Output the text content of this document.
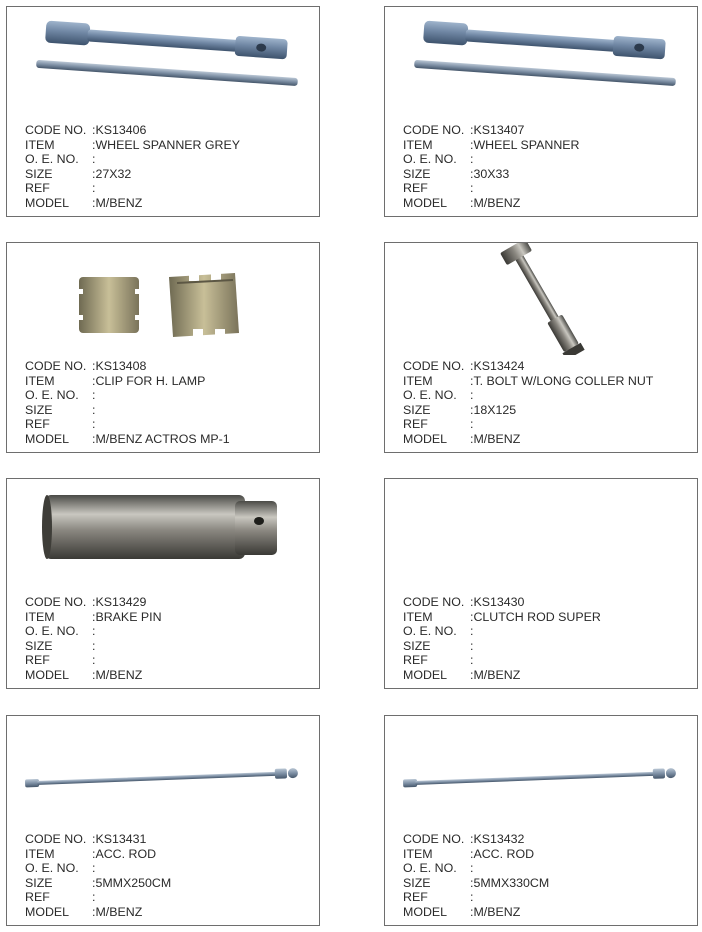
CODE NO. : KS13406
ITEM	: WHEEL SPANNER GREY
O. E. NO.	:
SIZE	: 27X32
REF	:
MODEL	: M/BENZ
CODE NO. : KS13407
ITEM	: WHEEL SPANNER
O. E. NO.	:
SIZE	: 30X33
REF	:
MODEL	: M/BENZ
CODE NO. : KS13408
ITEM	: CLIP FOR H. LAMP
O. E. NO.	:
SIZE	:
REF	:
MODEL	: M/BENZ ACTROS MP-1
CODE NO. : KS13424
ITEM	: T. BOLT W/LONG COLLER NUT
O. E. NO.	:
SIZE	: 18X125
REF	:
MODEL	: M/BENZ
CODE NO. : KS13429
ITEM	: BRAKE PIN
O. E. NO.	:
SIZE	:
REF	:
MODEL	: M/BENZ
CODE NO. : KS13430
ITEM	: CLUTCH ROD SUPER
O. E. NO.	:
SIZE	:
REF	:
MODEL	: M/BENZ
CODE NO. : KS13431
ITEM	: ACC. ROD
O. E. NO.	:
SIZE	: 5MMX250CM
REF	:
MODEL	: M/BENZ
CODE NO. : KS13432
ITEM	: ACC. ROD
O. E. NO.	:
SIZE	: 5MMX330CM
REF	:
MODEL	: M/BENZ
